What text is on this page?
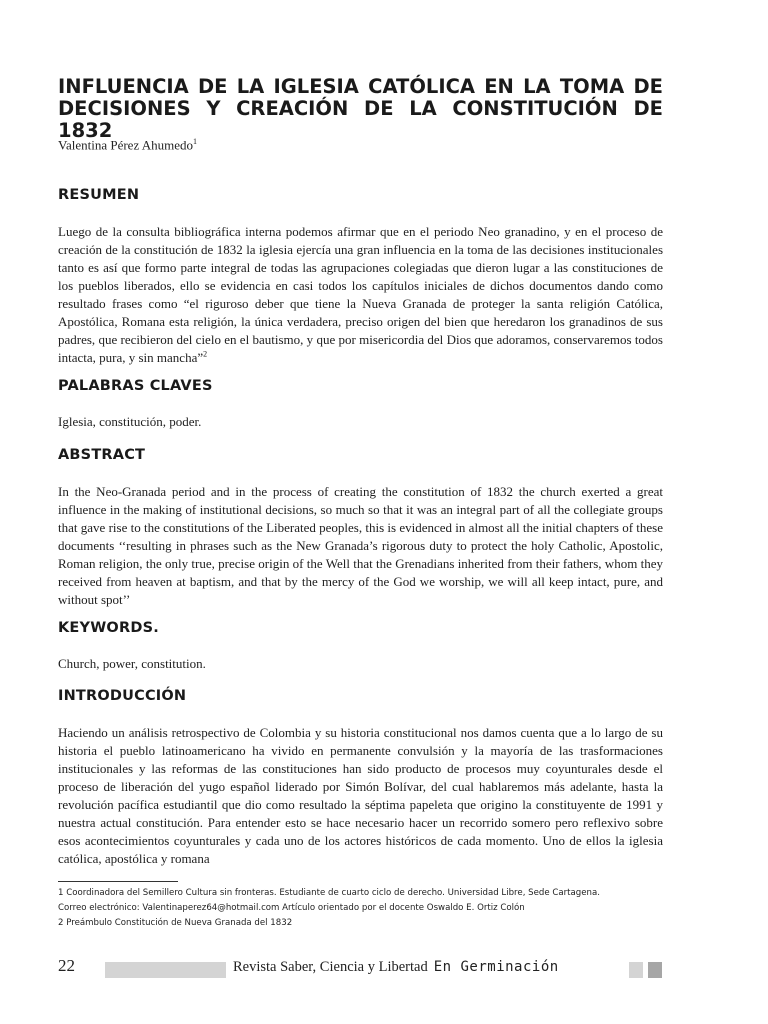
INFLUENCIA DE LA IGLESIA CATÓLICA EN LA TOMA DE DECISIONES Y CREACIÓN DE LA CONSTITUCIÓN DE 1832
Valentina Pérez Ahumedo$^1$
RESUMEN

Luego de la consulta bibliográfica interna podemos afirmar que en el periodo Neo granadino, y en el proceso de creación de la constitución de 1832 la iglesia ejercía una gran influencia en la toma de las decisiones institucionales tanto es así que formo parte integral de todas las agrupaciones colegiadas que dieron lugar a las constituciones de los pueblos liberados, ello se evidencia en casi todos los capítulos iniciales de dichos documentos dando como resultado frases como “el riguroso deber que tiene la Nueva Granada de proteger la santa religión Católica, Apostólica, Romana esta religión, la única verdadera, preciso origen del bien que heredaron los granadinos de sus padres, que recibieron del cielo en el bautismo, y que por misericordia del Dios que adoramos, conservaremos todos intacta, pura, y sin mancha”$^2$

PALABRAS CLAVES

Iglesia, constitución, poder.

ABSTRACT

In the Neo-Granada period and in the process of creating the constitution of 1832 the church exerted a great influence in the making of institutional decisions, so much so that it was an integral part of all the collegiate groups that gave rise to the constitutions of the Liberated peoples, this is evidenced in almost all the initial chapters of these documents ‘‘resulting in phrases such as the New Granada’s rigorous duty to protect the holy Catholic, Apostolic, Roman religion, the only true, precise origin of the Well that the Grenadians inherited from their fathers, whom they received from heaven at baptism, and that by the mercy of the God we worship, we will all keep intact, pure, and without spot’’

KEYWORDS.

Church, power, constitution.

INTRODUCCIÓN

Haciendo un análisis retrospectivo de Colombia y su historia constitucional nos damos cuenta que a lo largo de su historia el pueblo latinoamericano ha vivido en permanente convulsión y la mayoría de las trasformaciones institucionales y las reformas de las constituciones han sido producto de procesos muy coyunturales desde el proceso de liberación del yugo español liderado por Simón Bolívar, del cual hablaremos más adelante, hasta la revolución pacífica estudiantil que dio como resultado la séptima papeleta que origino la constituyente de 1991 y nuestra actual constitución. Para entender esto se hace necesario hacer un recorrido somero pero reflexivo sobre esos acontecimientos coyunturales y cada uno de los actores históricos de cada momento. Uno de ellos la iglesia católica, apostólica y romana

1 Coordinadora del Semillero Cultura sin fronteras. Estudiante de cuarto ciclo de derecho. Universidad Libre, Sede Cartagena.
Correo electrónico: Valentinaperez64@hotmail.com Artículo orientado por el docente Oswaldo E. Ortiz Colón
2 Preámbulo Constitución de Nueva Granada del 1832
22	Revista Saber, Ciencia y Libertad En Germinación
